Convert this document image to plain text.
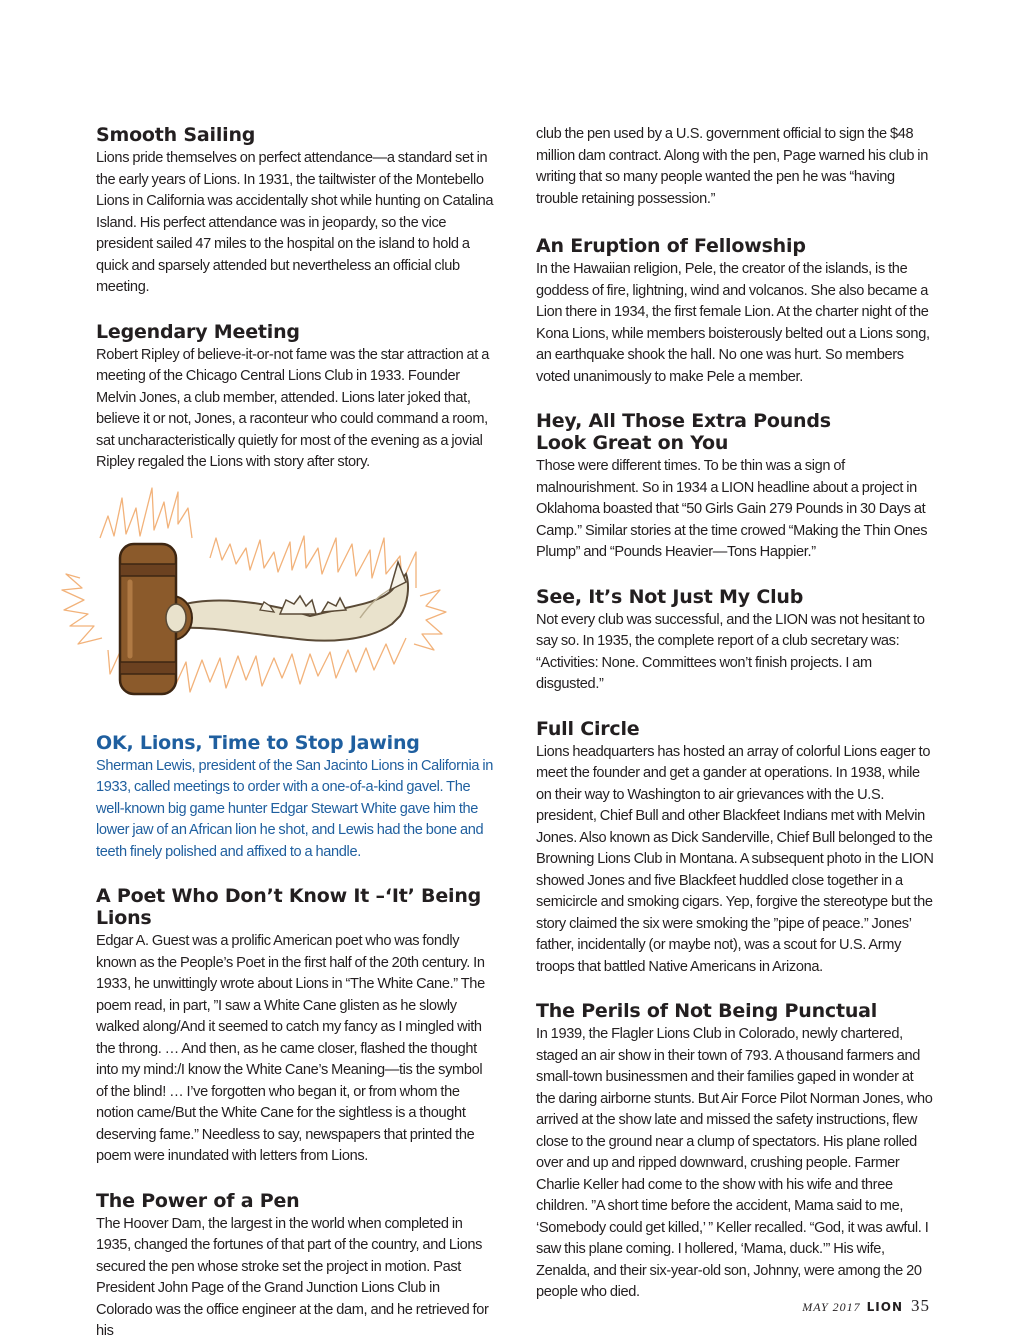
Smooth Sailing

Lions pride themselves on perfect attendance—a standard set in the early years of Lions. In 1931, the tailtwister of the Montebello Lions in California was accidentally shot while hunting on Catalina Island. His perfect attendance was in jeopardy, so the vice president sailed 47 miles to the hospital on the island to hold a quick and sparsely attended but nevertheless an official club meeting.

Legendary Meeting

Robert Ripley of believe-it-or-not fame was the star attraction at a meeting of the Chicago Central Lions Club in 1933. Founder Melvin Jones, a club member, attended. Lions later joked that, believe it or not, Jones, a raconteur who could command a room, sat uncharacteristically quietly for most of the evening as a jovial Ripley regaled the Lions with story after story.

OK, Lions, Time to Stop Jawing

Sherman Lewis, president of the San Jacinto Lions in California in 1933, called meetings to order with a one-of-a-kind gavel. The well-known big game hunter Edgar Stewart White gave him the lower jaw of an African lion he shot, and Lewis had the bone and teeth finely polished and affixed to a handle.

A Poet Who Don’t Know It –‘It’ Being Lions

Edgar A. Guest was a prolific American poet who was fondly known as the People’s Poet in the first half of the 20th century. In 1933, he unwittingly wrote about Lions in “The White Cane.” The poem read, in part, ”I saw a White Cane glisten as he slowly walked along/And it seemed to catch my fancy as I mingled with the throng. … And then, as he came closer, flashed the thought into my mind:/I know the White Cane’s Meaning—tis the symbol of the blind! … I’ve forgotten who began it, or from whom the notion came/But the White Cane for the sightless is a thought deserving fame.” Needless to say, newspapers that printed the poem were inundated with letters from Lions.

The Power of a Pen

The Hoover Dam, the largest in the world when completed in 1935, changed the fortunes of that part of the country, and Lions secured the pen whose stroke set the project in motion. Past President John Page of the Grand Junction Lions Club in Colorado was the office engineer at the dam, and he retrieved for his

club the pen used by a U.S. government official to sign the $48 million dam contract. Along with the pen, Page warned his club in writing that so many people wanted the pen he was “having trouble retaining possession.”

An Eruption of Fellowship

In the Hawaiian religion, Pele, the creator of the islands, is the goddess of fire, lightning, wind and volcanos. She also became a Lion there in 1934, the first female Lion. At the charter night of the Kona Lions, while members boisterously belted out a Lions song, an earthquake shook the hall. No one was hurt. So members voted unanimously to make Pele a member.

Hey, All Those Extra Pounds
Look Great on You

Those were different times. To be thin was a sign of malnourishment. So in 1934 a LION headline about a project in Oklahoma boasted that “50 Girls Gain 279 Pounds in 30 Days at Camp.” Similar stories at the time crowed “Making the Thin Ones Plump” and “Pounds Heavier—Tons Happier.”

See, It’s Not Just My Club

Not every club was successful, and the LION was not hesitant to say so. In 1935, the complete report of a club secretary was: “Activities: None. Committees won’t finish projects. I am disgusted.”

Full Circle

Lions headquarters has hosted an array of colorful Lions eager to meet the founder and get a gander at operations. In 1938, while on their way to Washington to air grievances with the U.S. president, Chief Bull and other Blackfeet Indians met with Melvin Jones. Also known as Dick Sanderville, Chief Bull belonged to the Browning Lions Club in Montana. A subsequent photo in the LION showed Jones and five Blackfeet huddled close together in a semicircle and smoking cigars. Yep, forgive the stereotype but the story claimed the six were smoking the ”pipe of peace.” Jones’ father, incidentally (or maybe not), was a scout for U.S. Army troops that battled Native Americans in Arizona.

The Perils of Not Being Punctual

In 1939, the Flagler Lions Club in Colorado, newly chartered, staged an air show in their town of 793. A thousand farmers and small-town businessmen and their families gaped in wonder at the daring airborne stunts. But Air Force Pilot Norman Jones, who arrived at the show late and missed the safety instructions, flew close to the ground near a clump of spectators. His plane rolled over and up and ripped downward, crushing people. Farmer Charlie Keller had come to the show with his wife and three children. ”A short time before the accident, Mama said to me, ‘Somebody could get killed,’ ” Keller recalled. “God, it was awful. I saw this plane coming. I hollered, ‘Mama, duck.’” His wife, Zenalda, and their six-year-old son, Johnny, were among the 20 people who died.

MAY 2017 LION 35
